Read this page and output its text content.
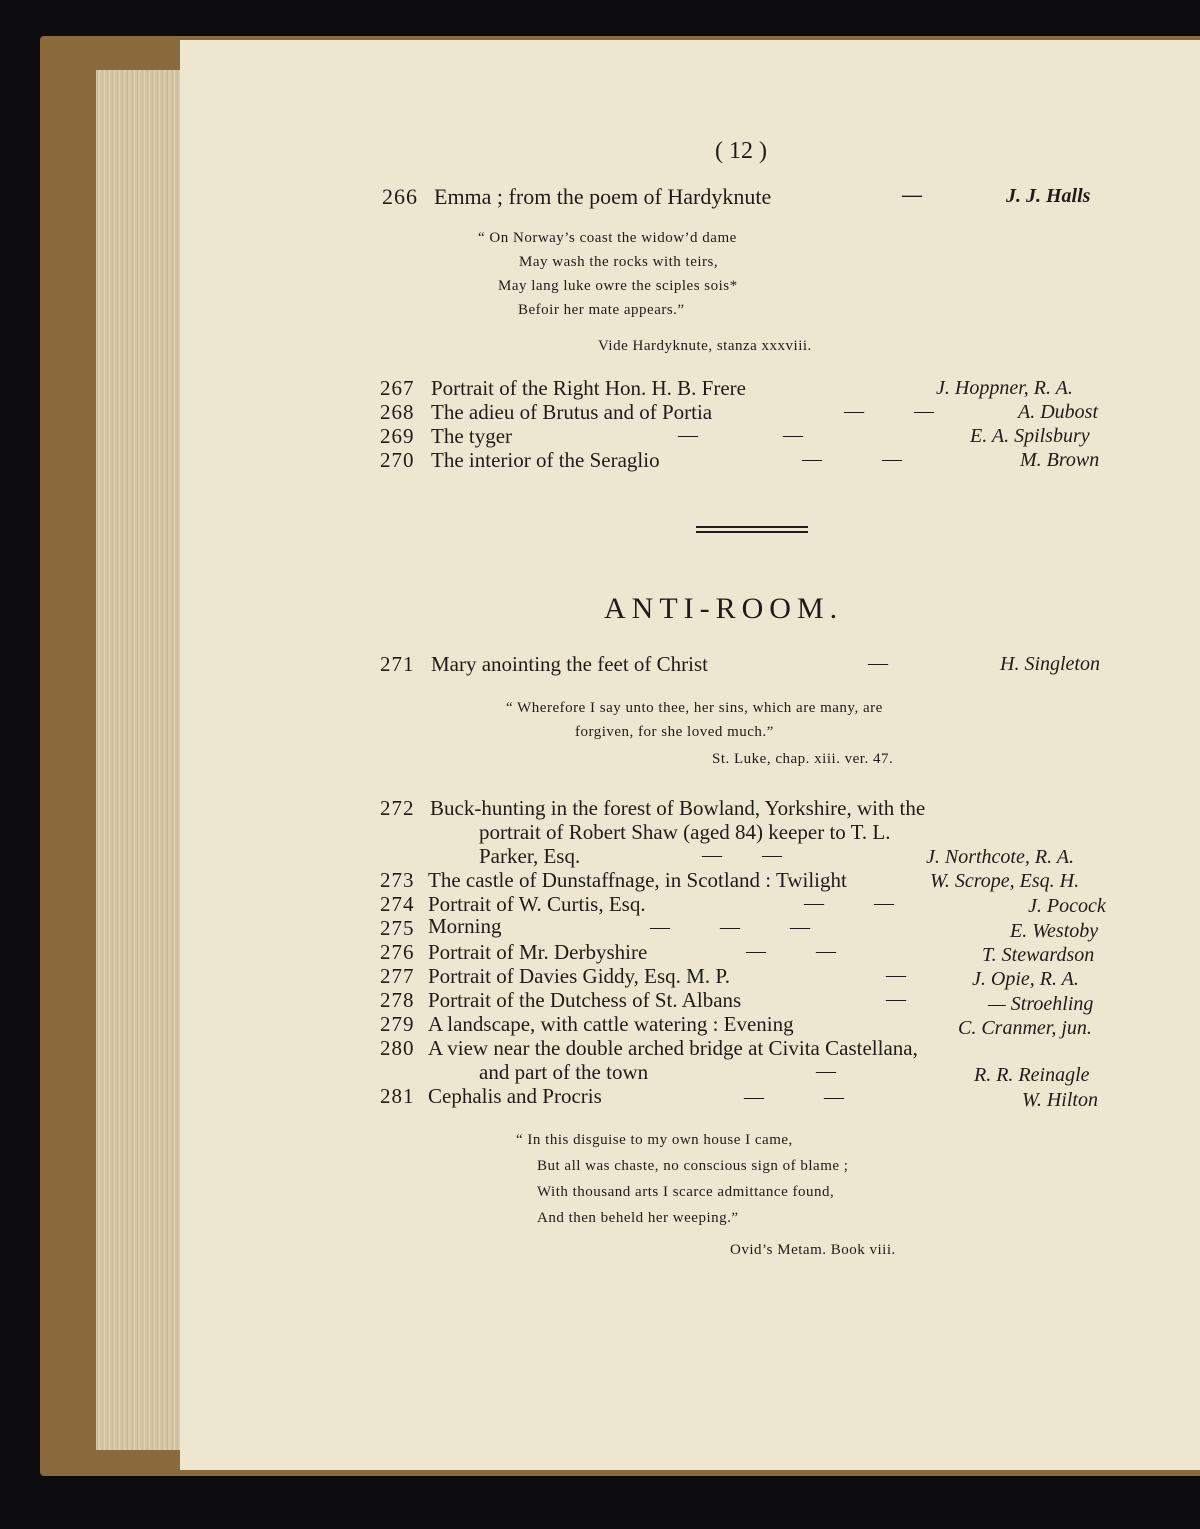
( 12 )
266 Emma ; from the poem of Hardyknute	—	J. J. Halls
“ On Norway’s coast the widow’d dame
May wash the rocks with teirs,
May lang luke owre the sciples sois*
Befoir her mate appears.”
Vide Hardyknute, stanza xxxviii.
267 Portrait of the Right Hon. H. B. Frere	J. Hoppner, R. A.
268 The adieu of Brutus and of Portia	—          —	A. Dubost
269 The tyger	—                 —	E. A. Spilsbury
270 The interior of the Seraglio	—            —	M. Brown
ANTI-ROOM.
271 Mary anointing the feet of Christ	—	H. Singleton
“ Wherefore I say unto thee, her sins, which are many, are
forgiven, for she loved much.”
St. Luke, chap. xiii. ver. 47.
272 Buck-hunting in the forest of Bowland, Yorkshire, with the
portrait of Robert Shaw (aged 84) keeper to T. L.
Parker, Esq.	—        —	J. Northcote, R. A.
273 The castle of Dunstaffnage, in Scotland : Twilight	W. Scrope, Esq. H.
274 Portrait of W. Curtis, Esq.	—          —	J. Pocock
275 Morning	—          —          —	E. Westoby
276 Portrait of Mr. Derbyshire	—          —	T. Stewardson
277 Portrait of Davies Giddy, Esq. M. P.	—	J. Opie, R. A.
278 Portrait of the Dutchess of St. Albans	—	— Stroehling
279 A landscape, with cattle watering : Evening	C. Cranmer, jun.
280 A view near the double arched bridge at Civita Castellana,
and part of the town	—	R. R. Reinagle
281 Cephalis and Procris	—            —	W. Hilton
“ In this disguise to my own house I came,
But all was chaste, no conscious sign of blame ;
With thousand arts I scarce admittance found,
And then beheld her weeping.”
Ovid’s Metam. Book viii.
